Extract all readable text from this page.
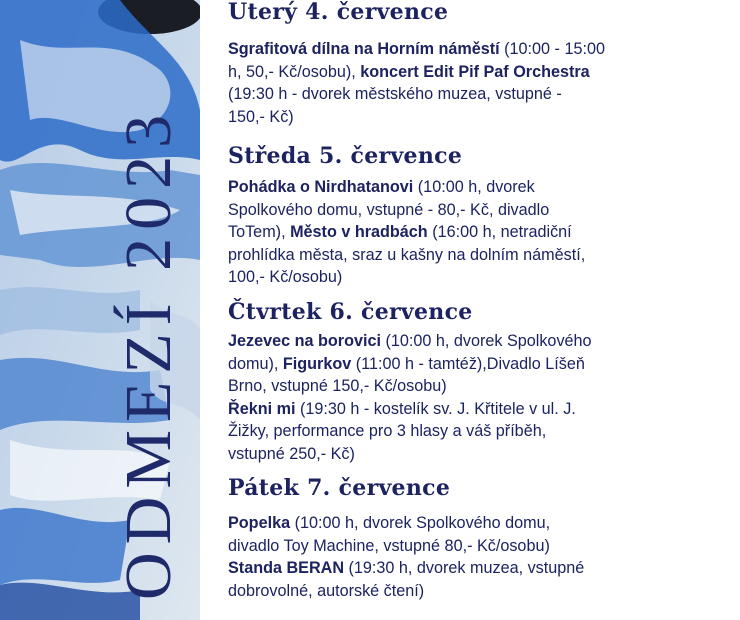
ODMEZÍ 2023
Uterý 4. července

Sgrafitová dílna na Horním náměstí (10:00 - 15:00
h, 50,- Kč/osobu), koncert Edit Pif Paf Orchestra
(19:30 h - dvorek městského muzea, vstupné -
150,- Kč)

Středa 5. července

Pohádka o Nirdhatanovi (10:00 h, dvorek
Spolkového domu, vstupné - 80,- Kč, divadlo
ToTem), Město v hradbách (16:00 h, netradiční
prohlídka města, sraz u kašny na dolním náměstí,
100,- Kč/osobu)

Čtvrtek 6. července

Jezevec na borovici (10:00 h, dvorek Spolkového
domu), Figurkov (11:00 h - tamtéž),Divadlo Líšeň
Brno, vstupné 150,- Kč/osobu)
Řekni mi (19:30 h - kostelík sv. J. Křtitele v ul. J.
Žižky, performance pro 3 hlasy a váš příběh,
vstupné 250,- Kč)

Pátek 7. července

Popelka (10:00 h, dvorek Spolkového domu,
divadlo Toy Machine, vstupné 80,- Kč/osobu)
Standa BERAN (19:30 h, dvorek muzea, vstupné
dobrovolné, autorské čtení)
